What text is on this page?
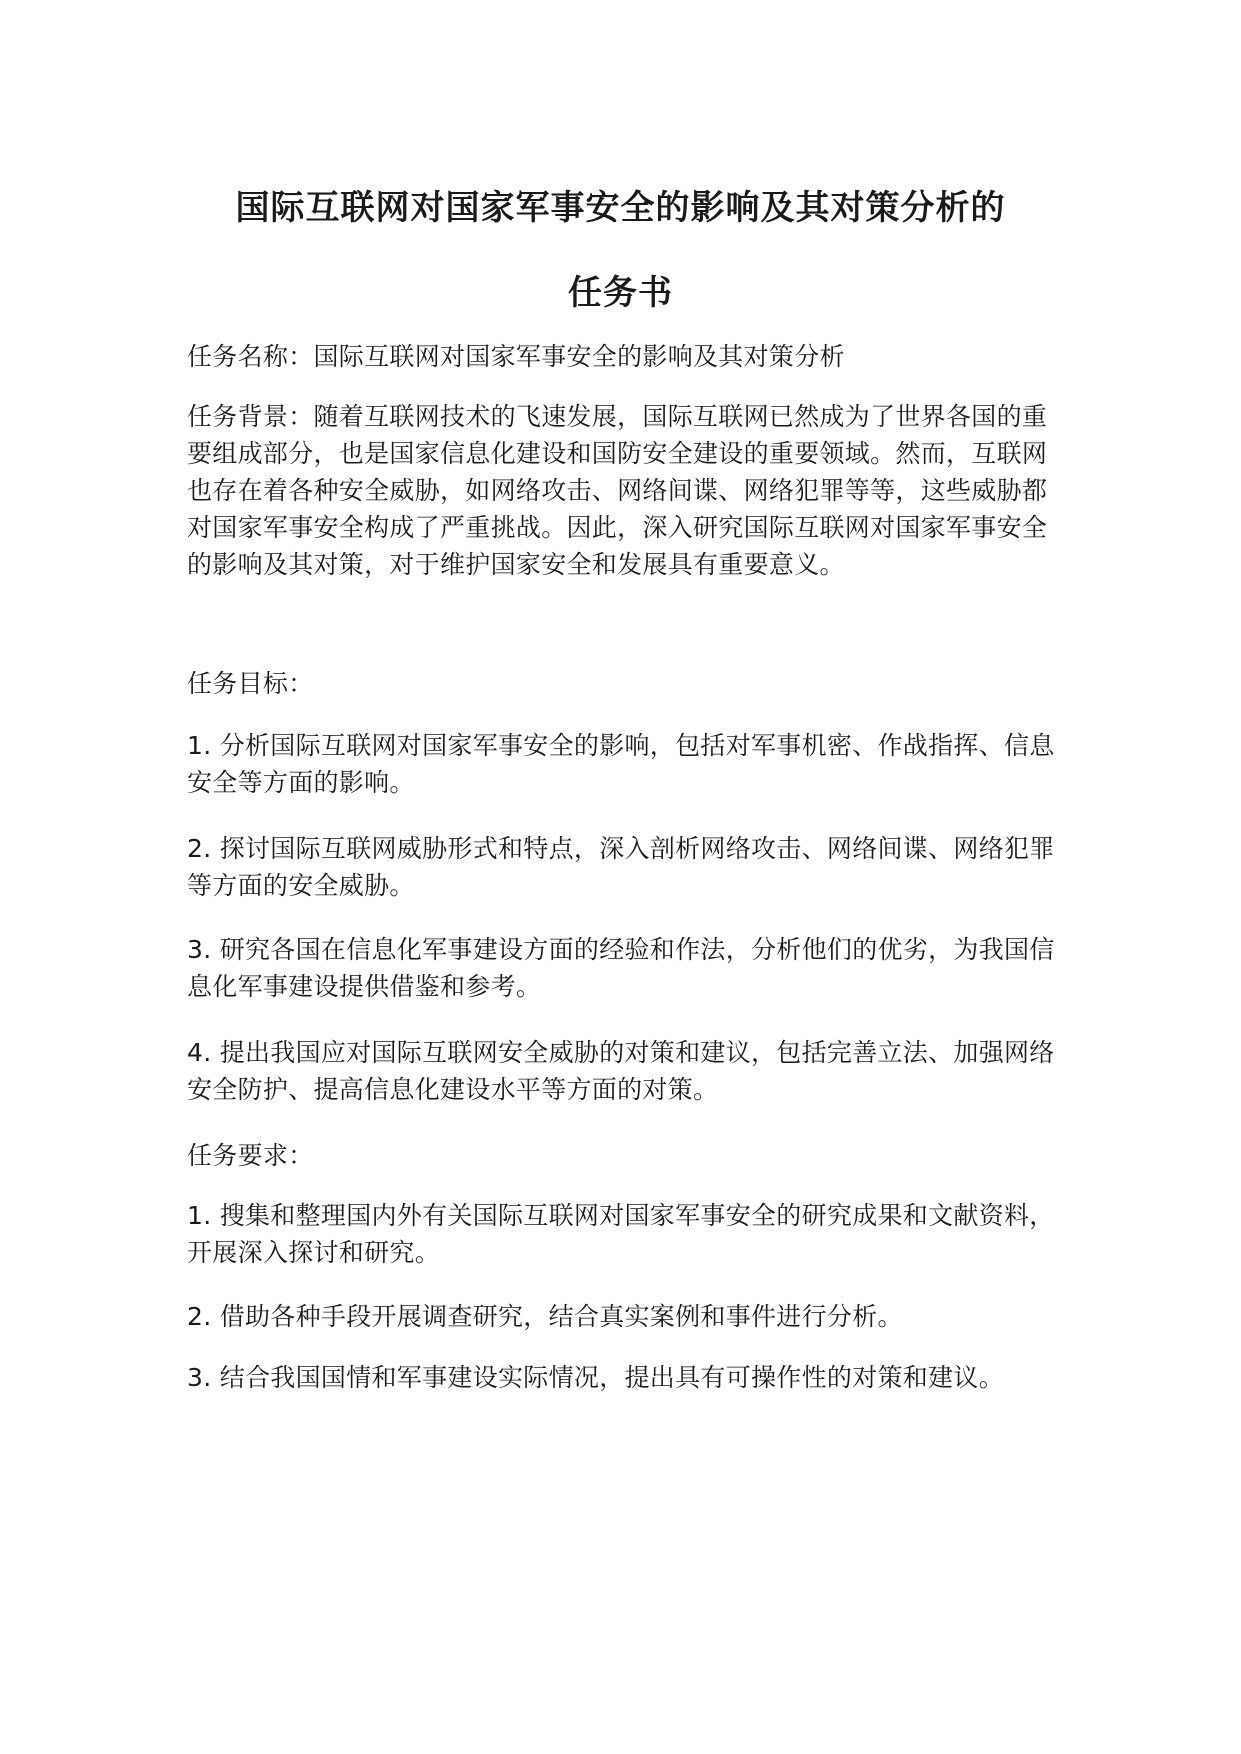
国际互联网对国家军事安全的影响及其对策分析的
任务书
任务名称：国际互联网对国家军事安全的影响及其对策分析
任务背景：随着互联网技术的飞速发展，国际互联网已然成为了世界各国的重要组成部分，也是国家信息化建设和国防安全建设的重要领域。然而，互联网也存在着各种安全威胁，如网络攻击、网络间谍、网络犯罪等等，这些威胁都对国家军事安全构成了严重挑战。因此，深入研究国际互联网对国家军事安全的影响及其对策，对于维护国家安全和发展具有重要意义。
任务目标：
1. 分析国际互联网对国家军事安全的影响，包括对军事机密、作战指挥、信息安全等方面的影响。
2. 探讨国际互联网威胁形式和特点，深入剖析网络攻击、网络间谍、网络犯罪等方面的安全威胁。
3. 研究各国在信息化军事建设方面的经验和作法，分析他们的优劣，为我国信息化军事建设提供借鉴和参考。
4. 提出我国应对国际互联网安全威胁的对策和建议，包括完善立法、加强网络安全防护、提高信息化建设水平等方面的对策。
任务要求：
1. 搜集和整理国内外有关国际互联网对国家军事安全的研究成果和文献资料，开展深入探讨和研究。
2. 借助各种手段开展调查研究，结合真实案例和事件进行分析。
3. 结合我国国情和军事建设实际情况，提出具有可操作性的对策和建议。
